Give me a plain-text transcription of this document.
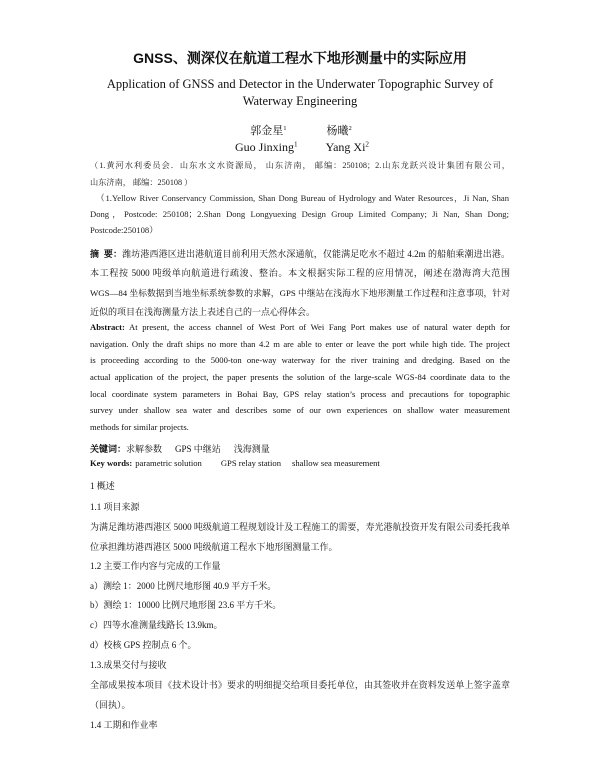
GNSS、测深仪在航道工程水下地形测量中的实际应用
Application of GNSS and Detector in the Underwater Topographic Survey of
Waterway Engineering
郭金星$^1$	杨曦$^2$
Guo Jinxing$^1$ Yang Xi$^2$
（1.黄河水利委员会．山东水文水资源局， 山东济南， 邮编：250108；2.山东龙跃兴设计集团有限公司，
山东济南， 邮编：250108 ）
（1.Yellow River Conservancy Commission, Shan Dong Bureau of Hydrology and Water Resources，Ji Nan, Shan
Dong，Postcode: 250108；2.Shan Dong Longyuexing Design Group Limited Company; Ji Nan, Shan Dong;
Postcode:250108）
摘  要：潍坊港西港区进出港航道目前利用天然水深通航，仅能满足吃水不超过 4.2m 的船舶乘潮进出港。
本工程按 5000 吨级单向航道进行疏浚、整治。本文根据实际工程的应用情况，阐述在渤海湾大范围
WGS—84 坐标数据到当地坐标系统参数的求解，GPS 中继站在浅海水下地形测量工作过程和注意事项，针对
近似的项目在浅海测量方法上表述自己的一点心得体会。
Abstract: At present, the access channel of West Port of Wei Fang Port makes use of natural water depth for
navigation. Only the draft ships no more than 4.2 m are able to enter or leave the port while high tide. The project
is proceeding according to the 5000-ton one-way waterway for the river training and dredging. Based on the
actual application of the project, the paper presents the solution of the large-scale WGS-84 coordinate data to the
local coordinate system parameters in Bohai Bay, GPS relay station’s process and precautions for topographic
survey under shallow sea water and describes some of our own experiences on shallow water measurement
methods for similar projects.
关键词：求解参数 GPS 中继站 浅海测量
Key words: parametric solution GPS relay station shallow sea measurement
1 概述
1.1 项目来源
为满足潍坊港西港区 5000 吨级航道工程规划设计及工程施工的需要，寿光港航投资开发有限公司委托我单
位承担潍坊港西港区 5000 吨级航道工程水下地形图测量工作。
1.2 主要工作内容与完成的工作量
a）测绘 1：2000 比例尺地形图 40.9 平方千米。
b）测绘 1：10000 比例尺地形图 23.6 平方千米。
c）四等水准测量线路长 13.9km。
d）校核 GPS 控制点 6 个。
1.3.成果交付与接收
全部成果按本项目《技术设计书》要求的明细提交给项目委托单位，由其签收并在资料发送单上签字盖章
（回执）。
1.4 工期和作业率
